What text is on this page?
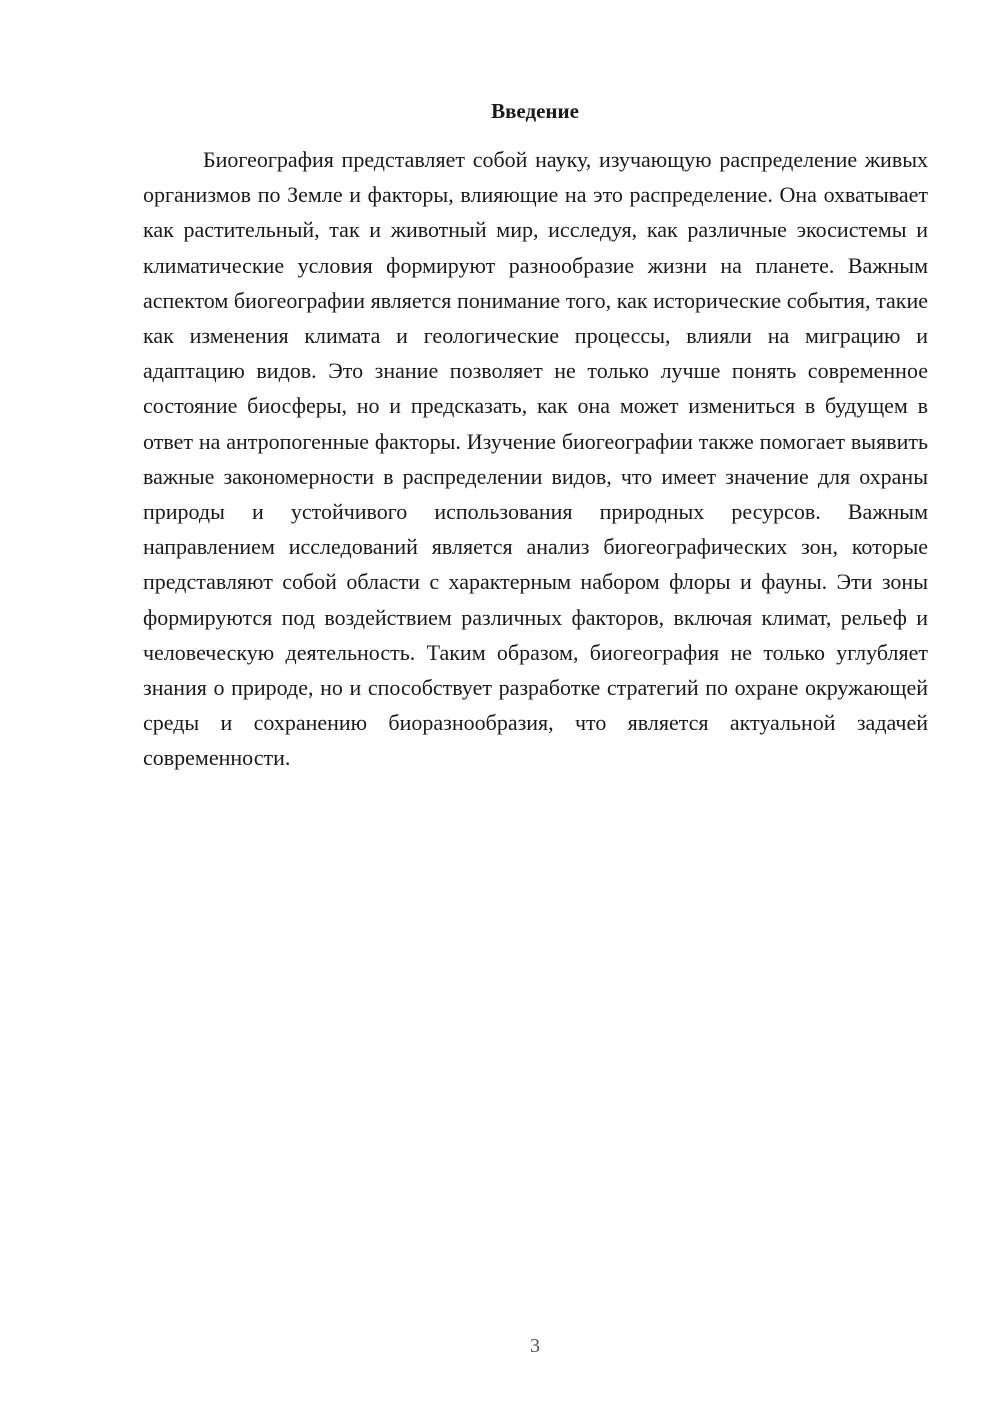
Введение

Биогеография представляет собой науку, изучающую распределение живых организмов по Земле и факторы, влияющие на это распределение. Она охватывает как растительный, так и животный мир, исследуя, как различные экосистемы и климатические условия формируют разнообразие жизни на планете. Важным аспектом биогеографии является понимание того, как исторические события, такие как изменения климата и геологические процессы, влияли на миграцию и адаптацию видов. Это знание позволяет не только лучше понять современное состояние биосферы, но и предсказать, как она может измениться в будущем в ответ на антропогенные факторы. Изучение биогеографии также помогает выявить важные закономерности в распределении видов, что имеет значение для охраны природы и устойчивого использования природных ресурсов. Важным направлением исследований является анализ биогеографических зон, которые представляют собой области с характерным набором флоры и фауны. Эти зоны формируются под воздействием различных факторов, включая климат, рельеф и человеческую деятельность. Таким образом, биогеография не только углубляет знания о природе, но и способствует разработке стратегий по охране окружающей среды и сохранению биоразнообразия, что является актуальной задачей современности.

3
